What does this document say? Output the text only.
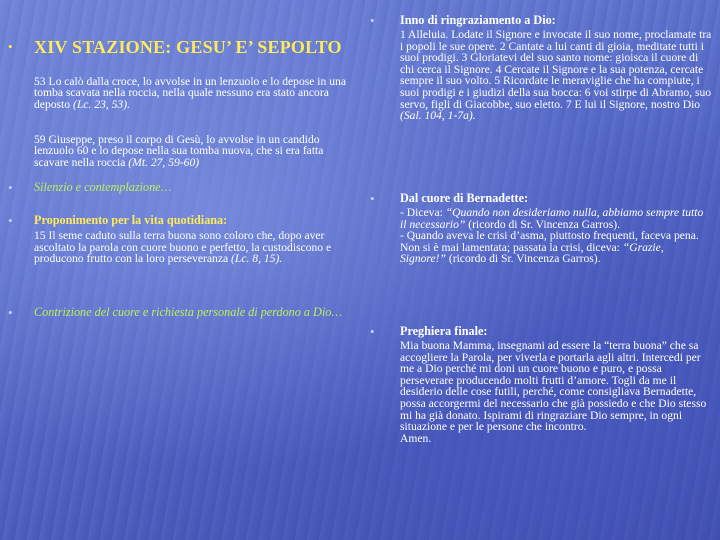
•	XIV STAZIONE: GESU’ E’ SEPOLTO

53 Lo calò dalla croce, lo avvolse in un lenzuolo e lo depose in una tomba scavata nella roccia, nella quale nessuno era stato ancora deposto (Lc. 23, 53).

59 Giuseppe, preso il corpo di Gesù, lo avvolse in un candido lenzuolo 60 e lo depose nella sua tomba nuova, che si era fatta scavare nella roccia (Mt. 27, 59-60)

•	Silenzio e contemplazione…
•	Proponimento per la vita quotidiana:
15 Il seme caduto sulla terra buona sono coloro che, dopo aver ascoltato la parola con cuore buono e perfetto, la custodiscono e producono frutto con la loro perseveranza (Lc. 8, 15).
•	Contrizione del cuore e richiesta personale di perdono a Dio…
•	Inno di ringraziamento a Dio:
1 Alleluia. Lodate il Signore e invocate il suo nome, proclamate tra i popoli le sue opere. 2 Cantate a lui canti di gioia, meditate tutti i suoi prodigi. 3 Gloriatevi del suo santo nome: gioisca il cuore di chi cerca il Signore. 4 Cercate il Signore e la sua potenza, cercate sempre il suo volto. 5 Ricordate le meraviglie che ha compiute, i suoi prodigi e i giudizi della sua bocca: 6 voi stirpe di Abramo, suo servo, figli di Giacobbe, suo eletto. 7 E lui il Signore, nostro Dio (Sal. 104, 1-7a).
•	Dal cuore di Bernadette:
- Diceva: “Quando non desideriamo nulla, abbiamo sempre tutto il necessario” (ricordo di Sr. Vincenza Garros).
- Quando aveva le crisi d’asma, piuttosto frequenti, faceva pena. Non si è mai lamentata; passata la crisi, diceva: “Grazie, Signore!” (ricordo di Sr. Vincenza Garros).
•	Preghiera finale:
Mia buona Mamma, insegnami ad essere la “terra buona” che sa accogliere la Parola, per viverla e portarla agli altri. Intercedi per me a Dio perché mi doni un cuore buono e puro, e possa perseverare producendo molti frutti d’amore. Togli da me il desiderio delle cose futili, perché, come consigliava Bernadette, possa accorgermi del necessario che già possiedo e che Dio stesso mi ha già donato. Ispirami di ringraziare Dio sempre, in ogni situazione e per le persone che incontro.
Amen.
